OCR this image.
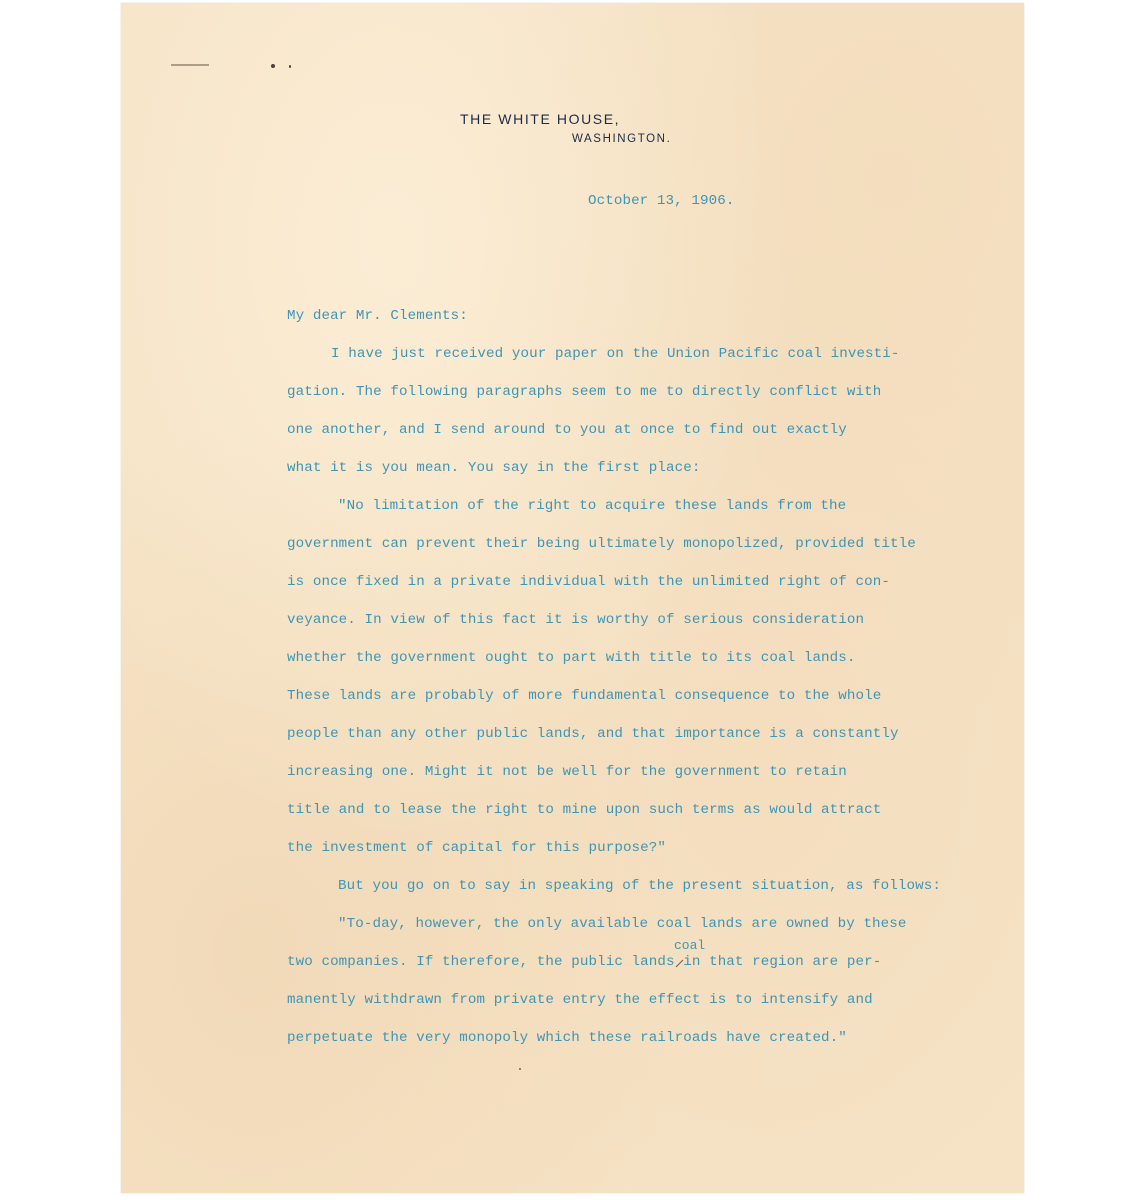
THE WHITE HOUSE,
WASHINGTON.
October 13, 1906.
My dear Mr. Clements:
I have just received your paper on the Union Pacific coal investi-
gation. The following paragraphs seem to me to directly conflict with
one another, and I send around to you at once to find out exactly
what it is you mean. You say in the first place:
"No limitation of the right to acquire these lands from the
government can prevent their being ultimately monopolized, provided title
is once fixed in a private individual with the unlimited right of con-
veyance. In view of this fact it is worthy of serious consideration
whether the government ought to part with title to its coal lands.
These lands are probably of more fundamental consequence to the whole
people than any other public lands, and that importance is a constantly
increasing one. Might it not be well for the government to retain
title and to lease the right to mine upon such terms as would attract
the investment of capital for this purpose?"
But you go on to say in speaking of the present situation, as follows:
"To-day, however, the only available coal lands are owned by these
coal
two companies. If therefore, the public lands in that region are per-
manently withdrawn from private entry the effect is to intensify and
perpetuate the very monopoly which these railroads have created."
